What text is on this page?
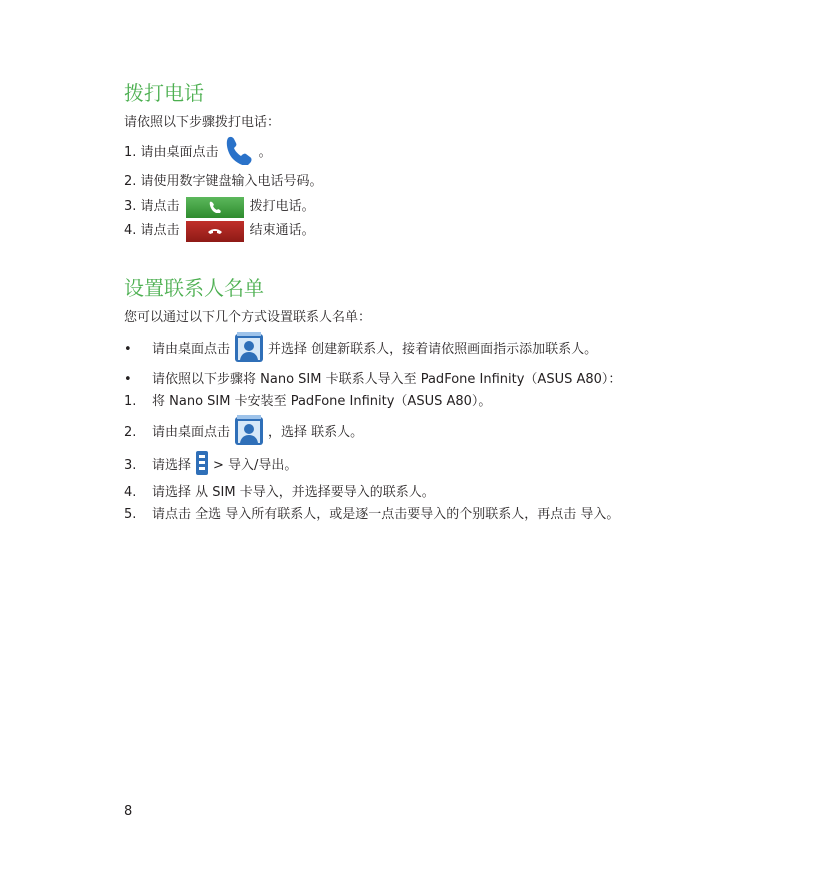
拨打电话
请依照以下步骤拨打电话：
1.
请由桌面点击	。
2.
请使用数字键盘输入电话号码。
3.
请点击	拨打电话。
4.
请点击	结束通话。
设置联系人名单
您可以通过以下几个方式设置联系人名单：
• 请由桌面点击	并选择 创建新联系人，接着请依照画面指示添加联系人。
• 请依照以下步骤将 Nano SIM 卡联系人导入至 PadFone Infinity（ASUS A80）：
1. 将 Nano SIM 卡安装至 PadFone Infinity（ASUS A80）。
2. 请由桌面点击	，选择 联系人。
3. 请选择 > 导入/导出。
4. 请选择 从 SIM 卡导入，并选择要导入的联系人。
5. 请点击 全选 导入所有联系人，或是逐一点击要导入的个别联系人，再点击 导入。
8
